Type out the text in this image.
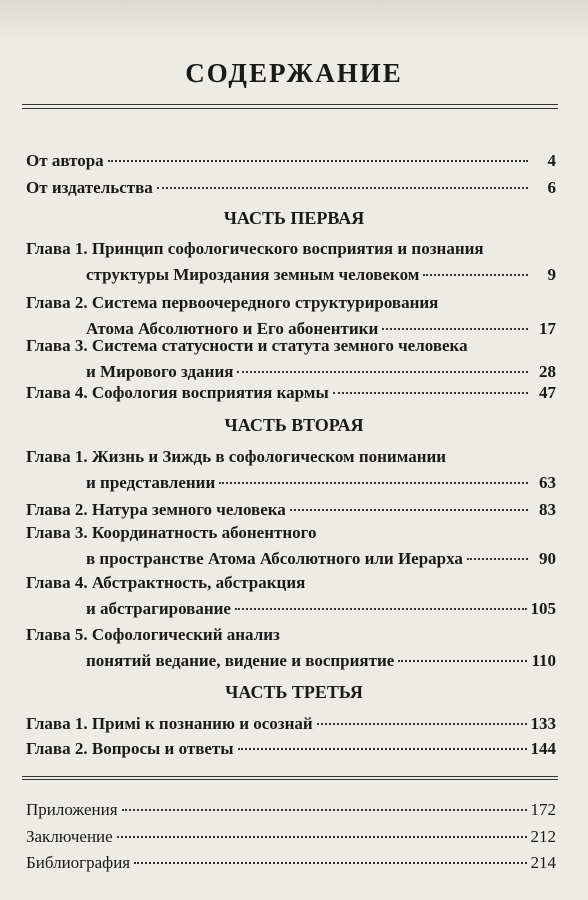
СОДЕРЖАНИЕ
От автора	4
От издательства	6
ЧАСТЬ ПЕРВАЯ
Глава 1. Принцип софологического восприятия и познания
структуры Мироздания земным человеком	9
Глава 2. Система первоочередного структурирования
Атома Абсолютного и Его абонентики	17
Глава 3. Система статусности и статута земного человека
и Мирового здания	28
Глава 4. Софология восприятия кармы	47
ЧАСТЬ ВТОРАЯ
Глава 1. Жизнь и Зиждь в софологическом понимании
и представлении	63
Глава 2. Натура земного человека	83
Глава 3. Координатность абонентного
в пространстве Атома Абсолютного или Иерарха	90
Глава 4. Абстрактность, абстракция
и абстрагирование	105
Глава 5. Софологический анализ
понятий ведание, видение и восприятие	110
ЧАСТЬ ТРЕТЬЯ
Глава 1. Примi к познанию и осознай	133
Глава 2. Вопросы и ответы	144
Приложения	172
Заключение	212
Библиография	214
